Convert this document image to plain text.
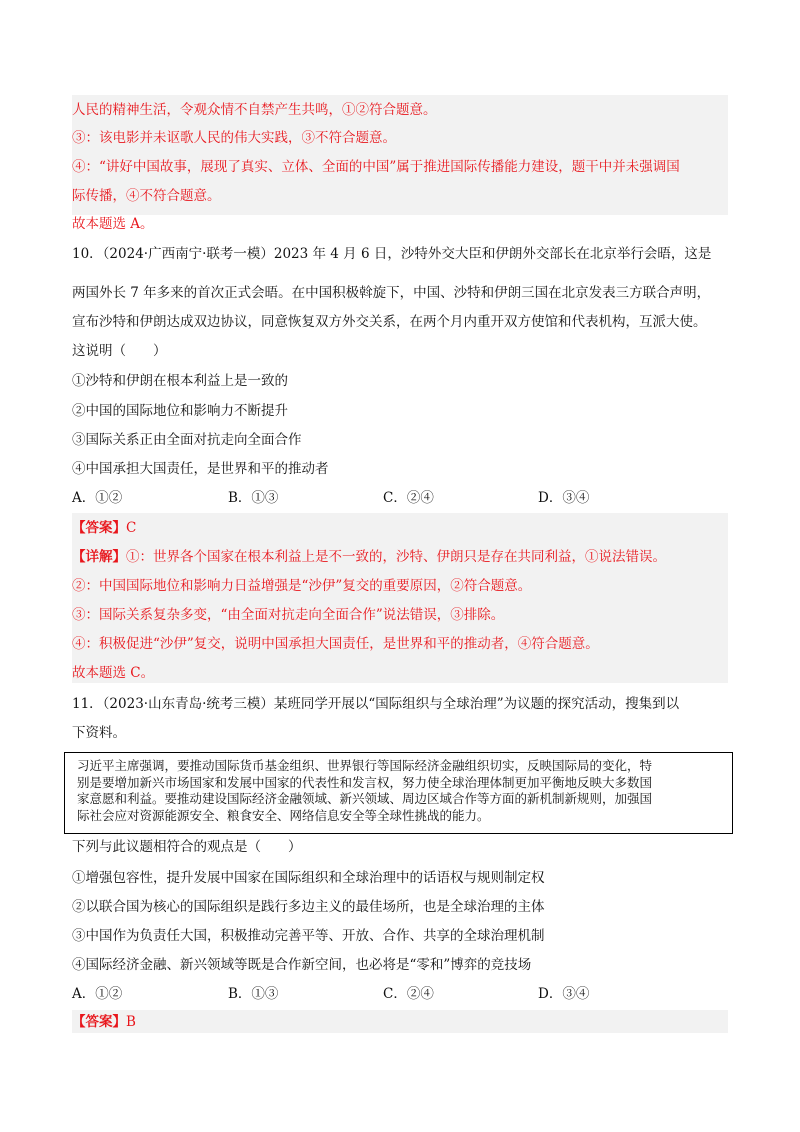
人民的精神生活，令观众情不自禁产生共鸣，①②符合题意。
③：该电影并未讴歌人民的伟大实践，③不符合题意。
④：“讲好中国故事，展现了真实、立体、全面的中国”属于推进国际传播能力建设，题干中并未强调国
际传播，④不符合题意。
故本题选 A。
10．（2024·广西南宁·联考一模）2023 年 4 月 6 日，沙特外交大臣和伊朗外交部长在北京举行会晤，这是
两国外长 7 年多来的首次正式会晤。在中国积极斡旋下，中国、沙特和伊朗三国在北京发表三方联合声明，
宣布沙特和伊朗达成双边协议，同意恢复双方外交关系，在两个月内重开双方使馆和代表机构，互派大使。
这说明（　　）
①沙特和伊朗在根本利益上是一致的
②中国的国际地位和影响力不断提升
③国际关系正由全面对抗走向全面合作
④中国承担大国责任，是世界和平的推动者
A．①②	B．①③	C．②④	D．③④
【答案】C
【详解】①：世界各个国家在根本利益上是不一致的，沙特、伊朗只是存在共同利益，①说法错误。
②：中国国际地位和影响力日益增强是“沙伊”复交的重要原因，②符合题意。
③：国际关系复杂多变，“由全面对抗走向全面合作”说法错误，③排除。
④：积极促进“沙伊”复交，说明中国承担大国责任，是世界和平的推动者，④符合题意。
故本题选 C。
11．（2023·山东青岛·统考三模）某班同学开展以“国际组织与全球治理”为议题的探究活动，搜集到以
下资料。
习近平主席强调，要推动国际货币基金组织、世界银行等国际经济金融组织切实，反映国际局的变化，特
别是要增加新兴市场国家和发展中国家的代表性和发言权，努力使全球治理体制更加平衡地反映大多数国
家意愿和利益。要推动建设国际经济金融领域、新兴领域、周边区域合作等方面的新机制新规则，加强国
际社会应对资源能源安全、粮食安全、网络信息安全等全球性挑战的能力。
下列与此议题相符合的观点是（　　）
①增强包容性，提升发展中国家在国际组织和全球治理中的话语权与规则制定权
②以联合国为核心的国际组织是践行多边主义的最佳场所，也是全球治理的主体
③中国作为负责任大国，积极推动完善平等、开放、合作、共享的全球治理机制
④国际经济金融、新兴领域等既是合作新空间，也必将是“零和”博弈的竞技场
A．①②	B．①③	C．②④	D．③④
【答案】B
